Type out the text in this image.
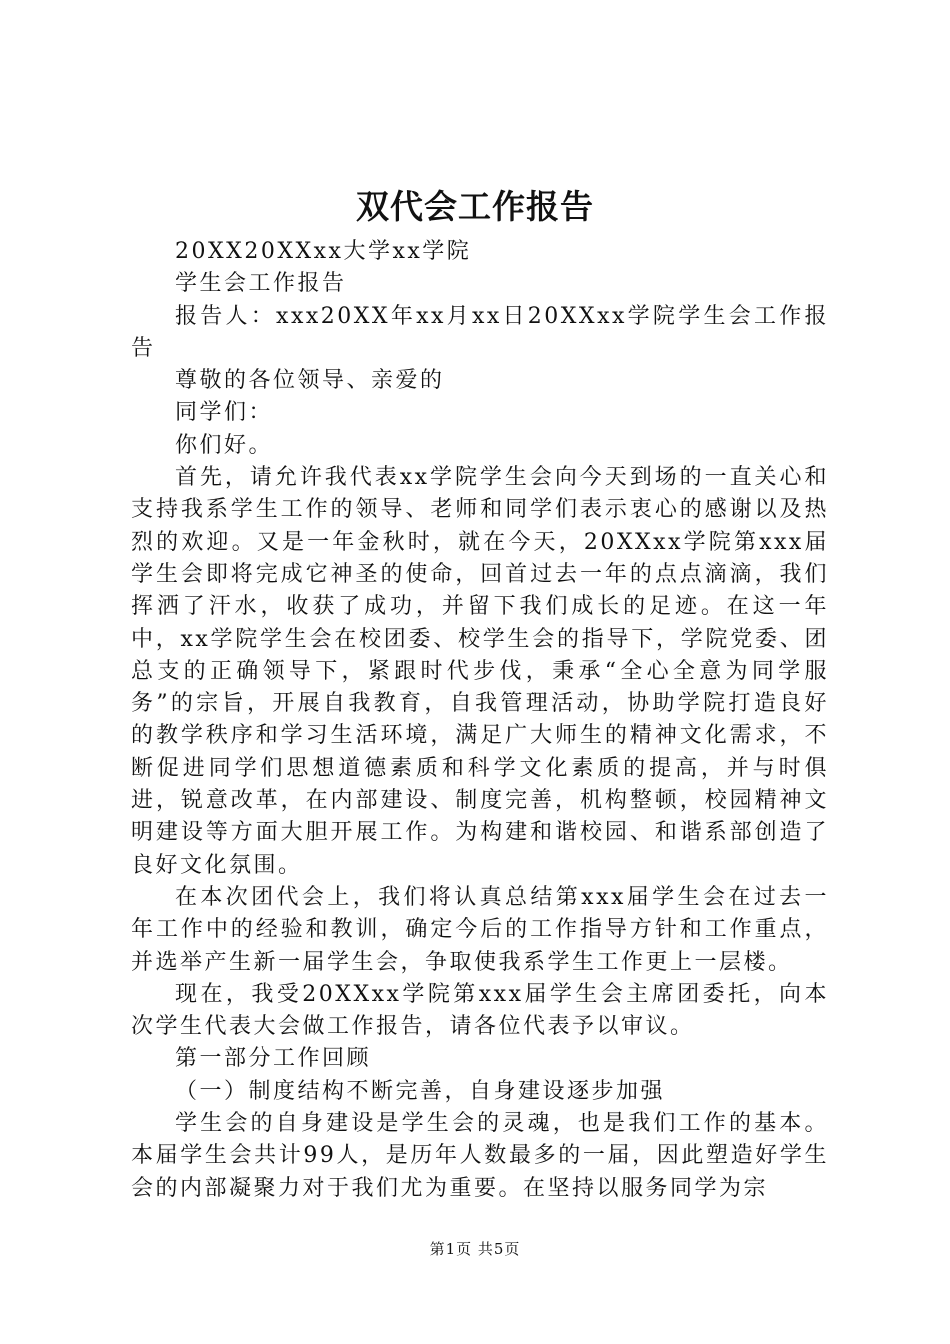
双代会工作报告

20XX20XXxx大学xx学院

学生会工作报告

报告人：xxx20XX年xx月xx日20XXxx学院学生会工作报告

尊敬的各位领导、亲爱的

同学们：

你们好。

首先，请允许我代表xx学院学生会向今天到场的一直关心和支持我系学生工作的领导、老师和同学们表示衷心的感谢以及热烈的欢迎。又是一年金秋时，就在今天，20XXxx学院第xxx届学生会即将完成它神圣的使命，回首过去一年的点点滴滴，我们挥洒了汗水，收获了成功，并留下我们成长的足迹。在这一年中，xx学院学生会在校团委、校学生会的指导下，学院党委、团总支的正确领导下，紧跟时代步伐，秉承“全心全意为同学服务”的宗旨，开展自我教育，自我管理活动，协助学院打造良好的教学秩序和学习生活环境，满足广大师生的精神文化需求，不断促进同学们思想道德素质和科学文化素质的提高，并与时俱进，锐意改革，在内部建设、制度完善，机构整顿，校园精神文明建设等方面大胆开展工作。为构建和谐校园、和谐系部创造了良好文化氛围。

在本次团代会上，我们将认真总结第xxx届学生会在过去一年工作中的经验和教训，确定今后的工作指导方针和工作重点，并选举产生新一届学生会，争取使我系学生工作更上一层楼。

现在，我受20XXxx学院第xxx届学生会主席团委托，向本次学生代表大会做工作报告，请各位代表予以审议。

第一部分工作回顾

（一）制度结构不断完善，自身建设逐步加强

学生会的自身建设是学生会的灵魂，也是我们工作的基本。本届学生会共计99人，是历年人数最多的一届，因此塑造好学生会的内部凝聚力对于我们尤为重要。在坚持以服务同学为宗

第1页 共5页
